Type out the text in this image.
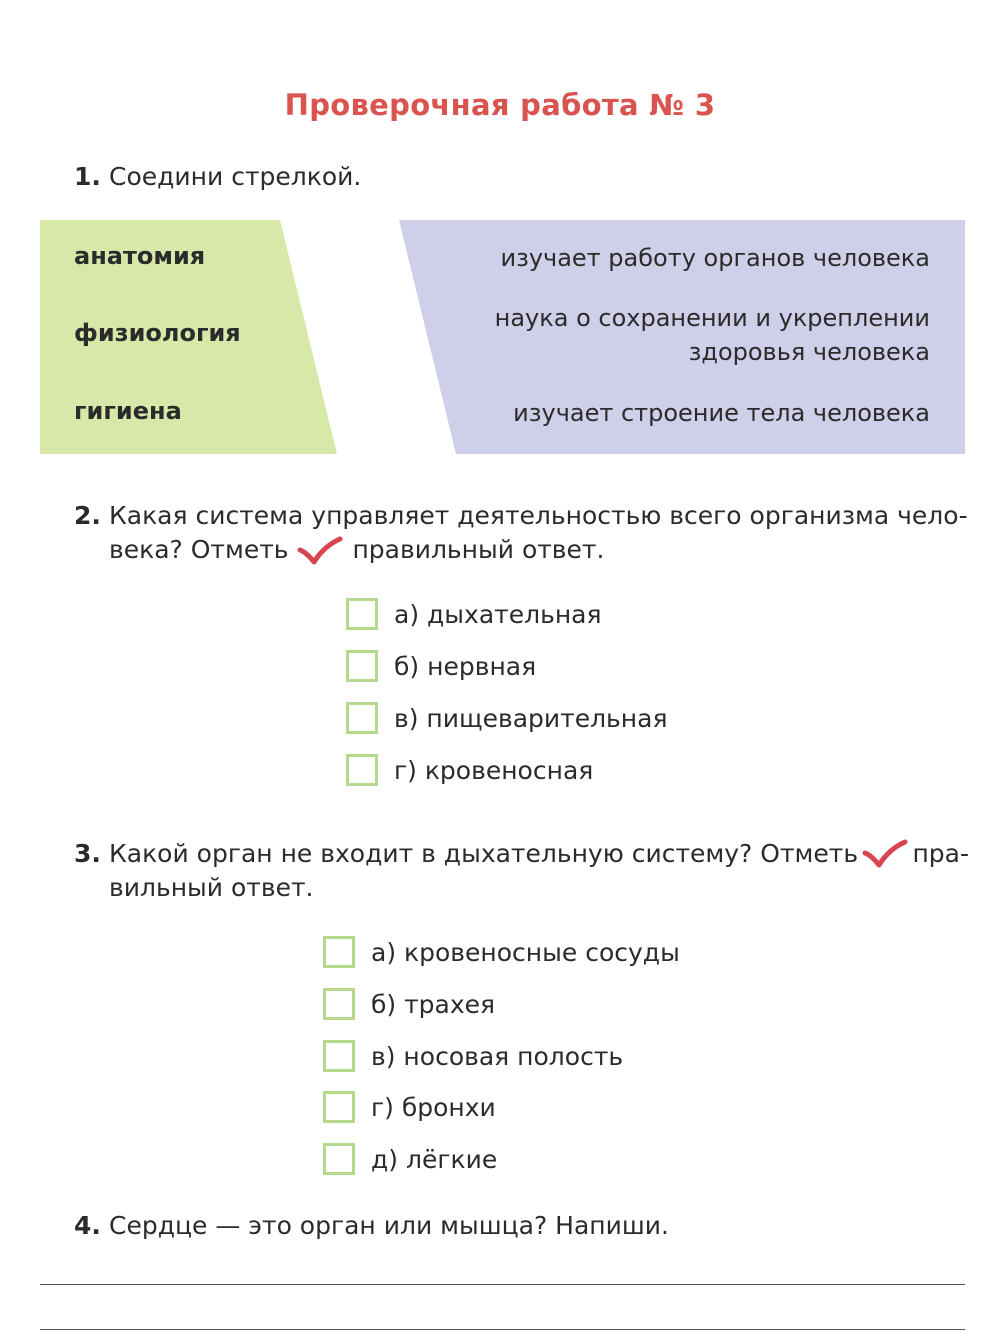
Проверочная работа № 3
1. Соедини стрелкой.
анатомия
физиология
гигиена
изучает работу органов человека
наука о сохранении и укреплении
здоровья человека
изучает строение тела человека
2. Какая система управляет деятельностью всего организма чело-
века? Отметь	правильный ответ.
а) дыхательная
б) нервная
в) пищеварительная
г) кровеносная
3. Какой орган не входит в дыхательную систему? Отметь пра-
вильный ответ.
а) кровеносные сосуды
б) трахея
в) носовая полость
г) бронхи
д) лёгкие
4. Сердце — это орган или мышца? Напиши.
